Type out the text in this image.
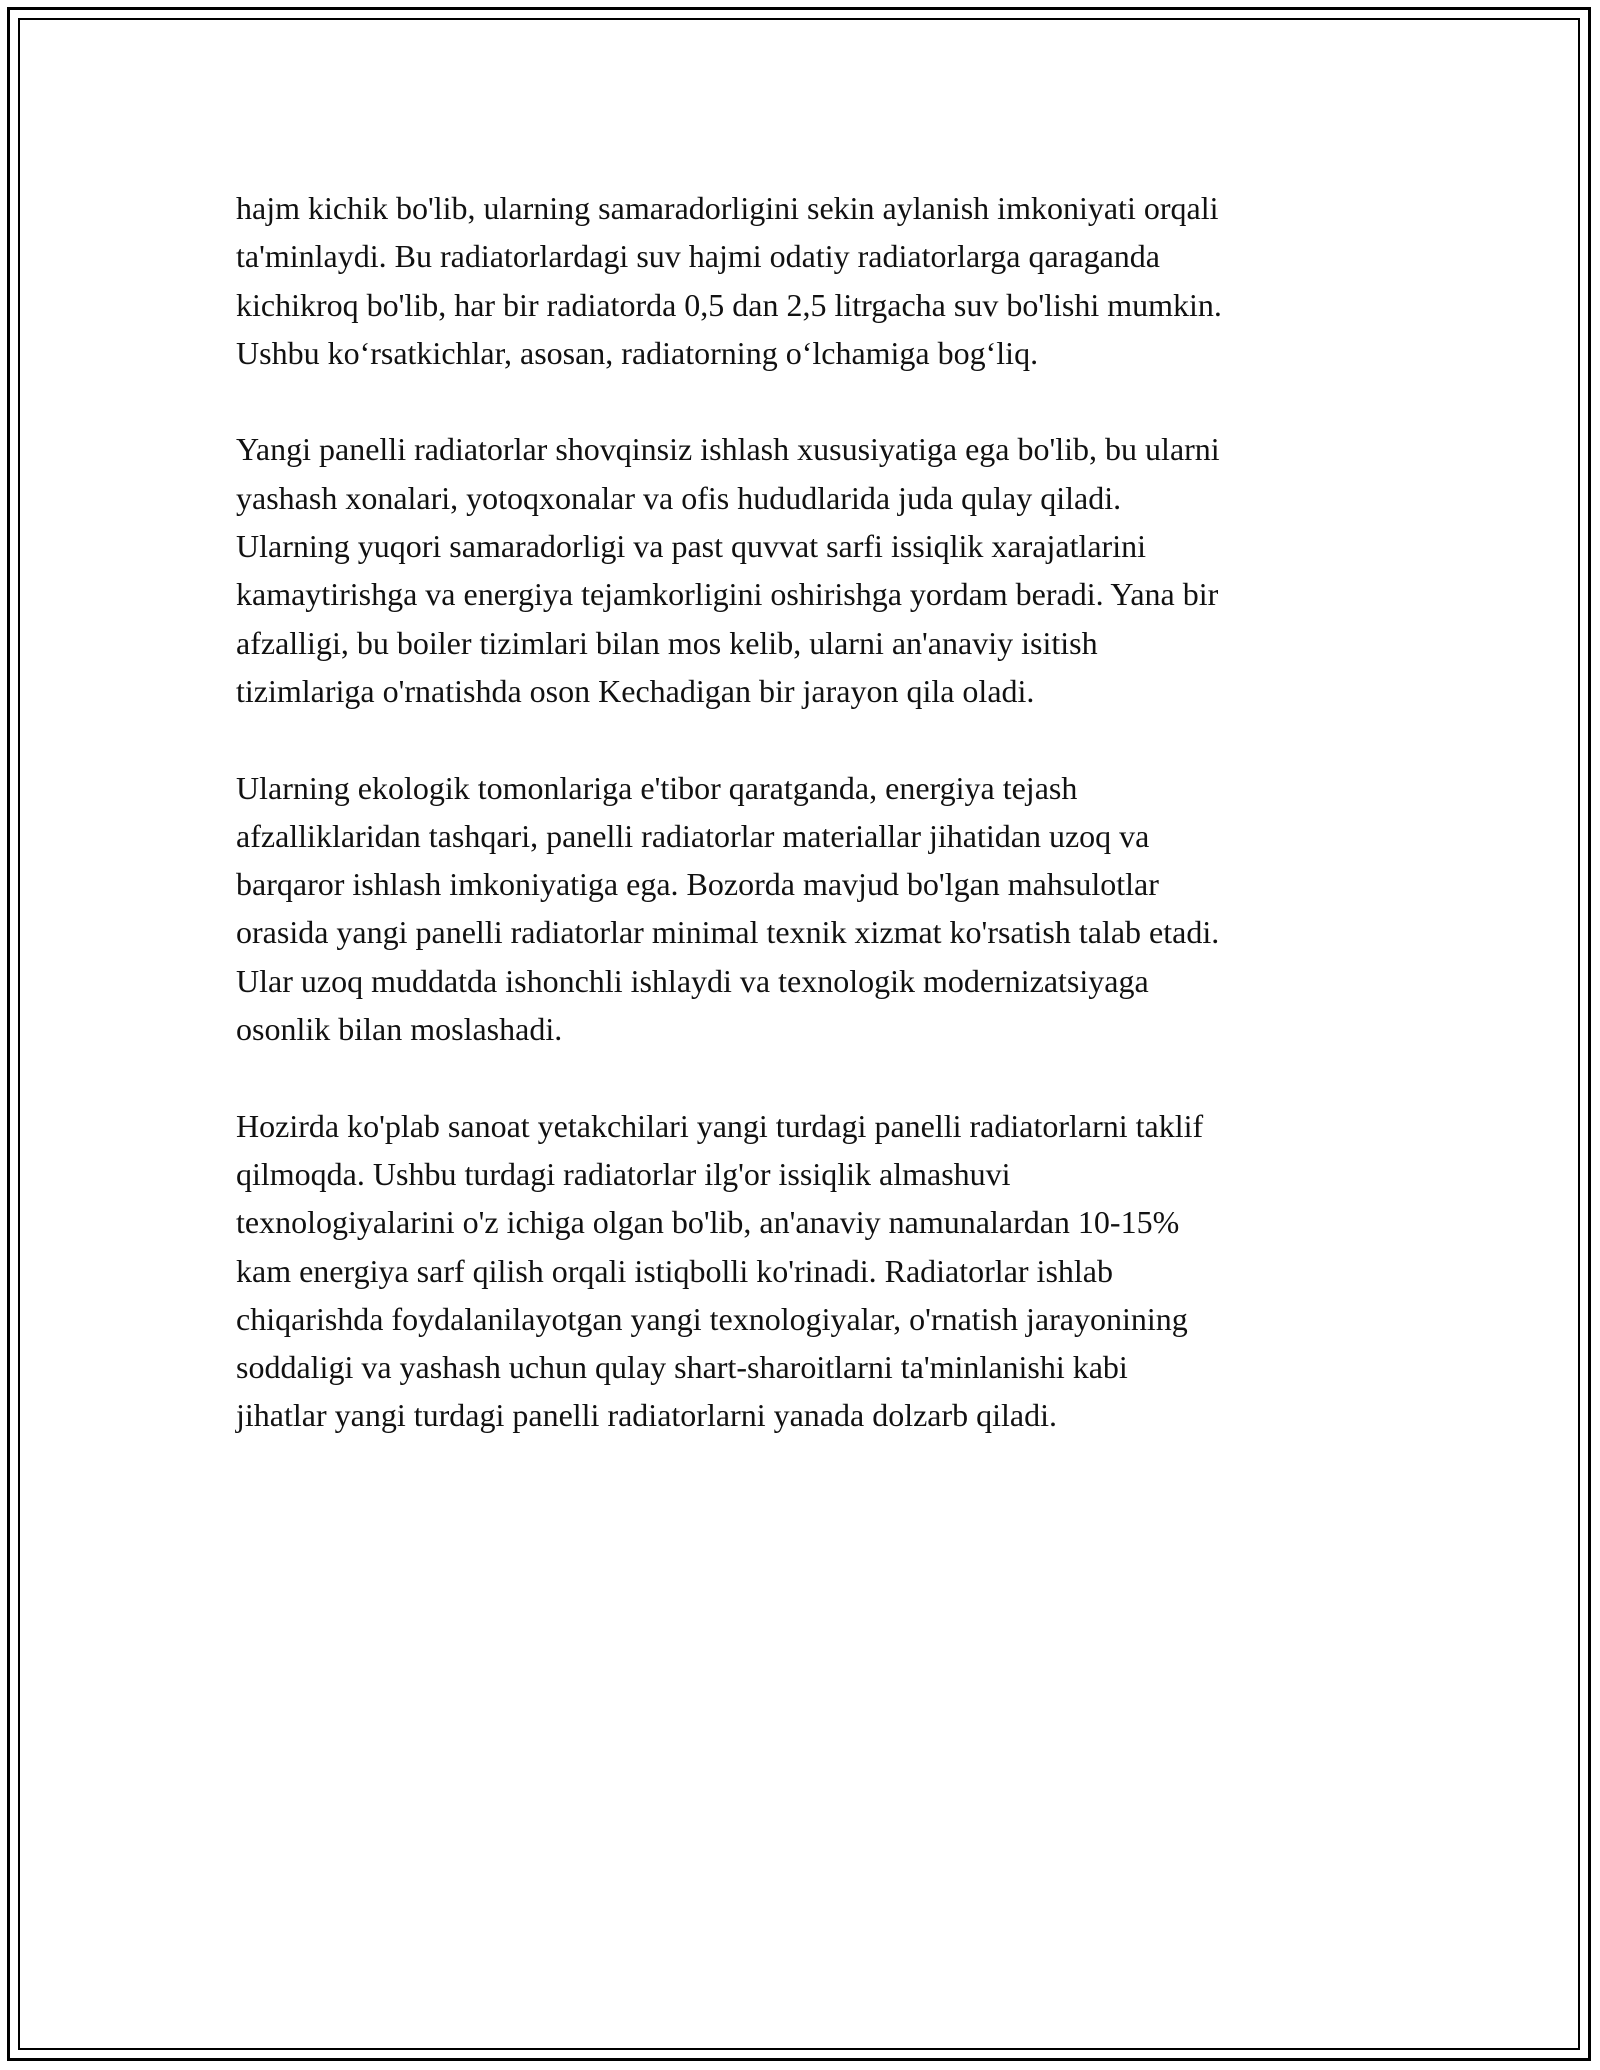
hajm kichik bo'lib, ularning samaradorligini sekin aylanish imkoniyati orqali
ta'minlaydi. Bu radiatorlardagi suv hajmi odatiy radiatorlarga qaraganda
kichikroq bo'lib, har bir radiatorda 0,5 dan 2,5 litrgacha suv bo'lishi mumkin.
Ushbu ko‘rsatkichlar, asosan, radiatorning o‘lchamiga bog‘liq.

Yangi panelli radiatorlar shovqinsiz ishlash xususiyatiga ega bo'lib, bu ularni
yashash xonalari, yotoqxonalar va ofis hududlarida juda qulay qiladi.
Ularning yuqori samaradorligi va past quvvat sarfi issiqlik xarajatlarini
kamaytirishga va energiya tejamkorligini oshirishga yordam beradi. Yana bir
afzalligi, bu boiler tizimlari bilan mos kelib, ularni an'anaviy isitish
tizimlariga o'rnatishda oson Kechadigan bir jarayon qila oladi.

Ularning ekologik tomonlariga e'tibor qaratganda, energiya tejash
afzalliklaridan tashqari, panelli radiatorlar materiallar jihatidan uzoq va
barqaror ishlash imkoniyatiga ega. Bozorda mavjud bo'lgan mahsulotlar
orasida yangi panelli radiatorlar minimal texnik xizmat ko'rsatish talab etadi.
Ular uzoq muddatda ishonchli ishlaydi va texnologik modernizatsiyaga
osonlik bilan moslashadi.

Hozirda ko'plab sanoat yetakchilari yangi turdagi panelli radiatorlarni taklif
qilmoqda. Ushbu turdagi radiatorlar ilg'or issiqlik almashuvi
texnologiyalarini o'z ichiga olgan bo'lib, an'anaviy namunalardan 10-15%
kam energiya sarf qilish orqali istiqbolli ko'rinadi. Radiatorlar ishlab
chiqarishda foydalanilayotgan yangi texnologiyalar, o'rnatish jarayonining
soddaligi va yashash uchun qulay shart-sharoitlarni ta'minlanishi kabi
jihatlar yangi turdagi panelli radiatorlarni yanada dolzarb qiladi.
